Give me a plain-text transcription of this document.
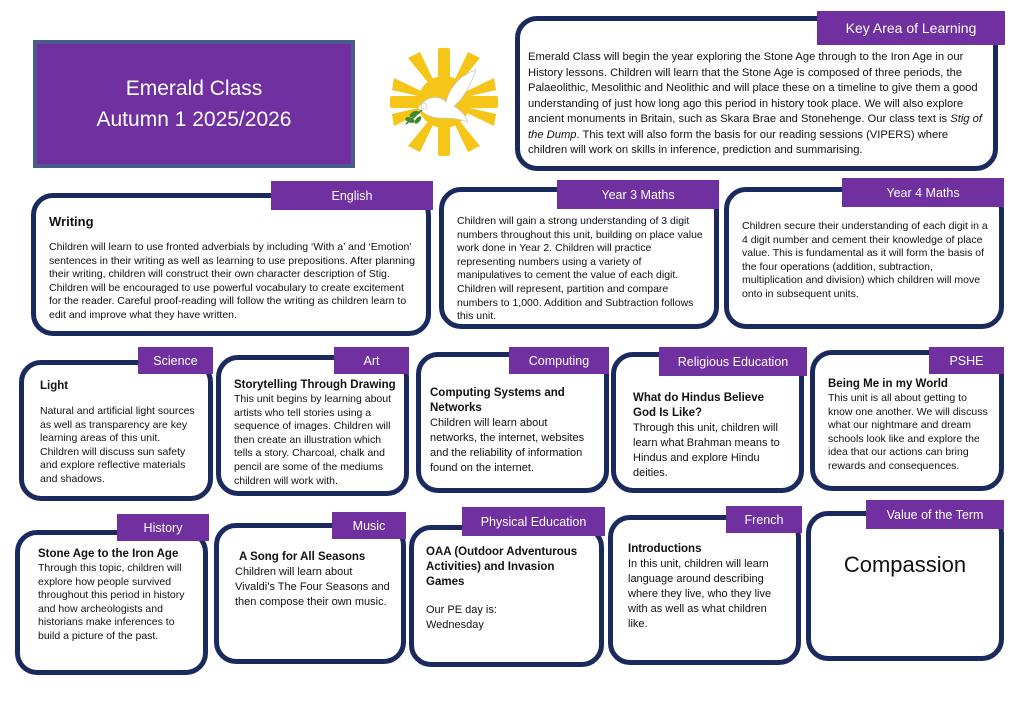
Emerald Class
Autumn 1 2025/2026

Emerald Class will begin the year exploring the Stone Age through to the Iron Age in our History lessons. Children will learn that the Stone Age is composed of three periods, the Palaeolithic, Mesolithic and Neolithic and will place these on a timeline to give them a good understanding of just how long ago this period in history took place. We will also explore ancient monuments in Britain, such as Skara Brae and Stonehenge. Our class text is Stig of the Dump. This text will also form the basis for our reading sessions (VIPERS) where children will work on skills in inference, prediction and summarising.

Key Area of Learning

Writing

Children will learn to use fronted adverbials by including ‘With a’ and ‘Emotion’ sentences in their writing as well as learning to use prepositions. After planning their writing, children will construct their own character description of Stig. Children will be encouraged to use powerful vocabulary to create excitement for the reader. Careful proof-reading will follow the writing as children learn to edit and improve what they have written.

English

Children will gain a strong understanding of 3 digit numbers throughout this unit, building on place value work done in Year 2. Children will practice representing numbers using a variety of manipulatives to cement the value of each digit. Children will represent, partition and compare numbers to 1,000. Addition and Subtraction follows this unit.

Year 3 Maths

Children secure their understanding of each digit in a 4 digit number and cement their knowledge of place value. This is fundamental as it will form the basis of the four operations (addition, subtraction, multiplication and division) which children will move onto in subsequent units.

Year 4 Maths

Light

Natural and artificial light sources as well as transparency are key learning areas of this unit. Children will discuss sun safety and explore reflective materials and shadows.

Science

Storytelling Through Drawing

This unit begins by learning about artists who tell stories using a sequence of images. Children will then create an illustration which tells a story. Charcoal, chalk and pencil are some of the mediums children will work with.

Art

Computing Systems and Networks

Children will learn about networks, the internet, websites and the reliability of information found on the internet.

Computing

What do Hindus Believe God Is Like?

Through this unit, children will learn what Brahman means to Hindus and explore Hindu deities.

Religious Education

Being Me in my World

This unit is all about getting to know one another. We will discuss what our nightmare and dream schools look like and explore the idea that our actions can bring rewards and consequences.

PSHE

Stone Age to the Iron Age

Through this topic, children will explore how people survived throughout this period in history and how archeologists and historians make inferences to build a picture of the past.

History

A Song for All Seasons

Children will learn about Vivaldi’s The Four Seasons and then compose their own music.

Music

OAA (Outdoor Adventurous Activities) and Invasion Games

Our PE day is:

Wednesday

Physical Education

Introductions

In this unit, children will learn language around describing where they live, who they live with as well as what children like.

French
Compassion
Value of the Term
